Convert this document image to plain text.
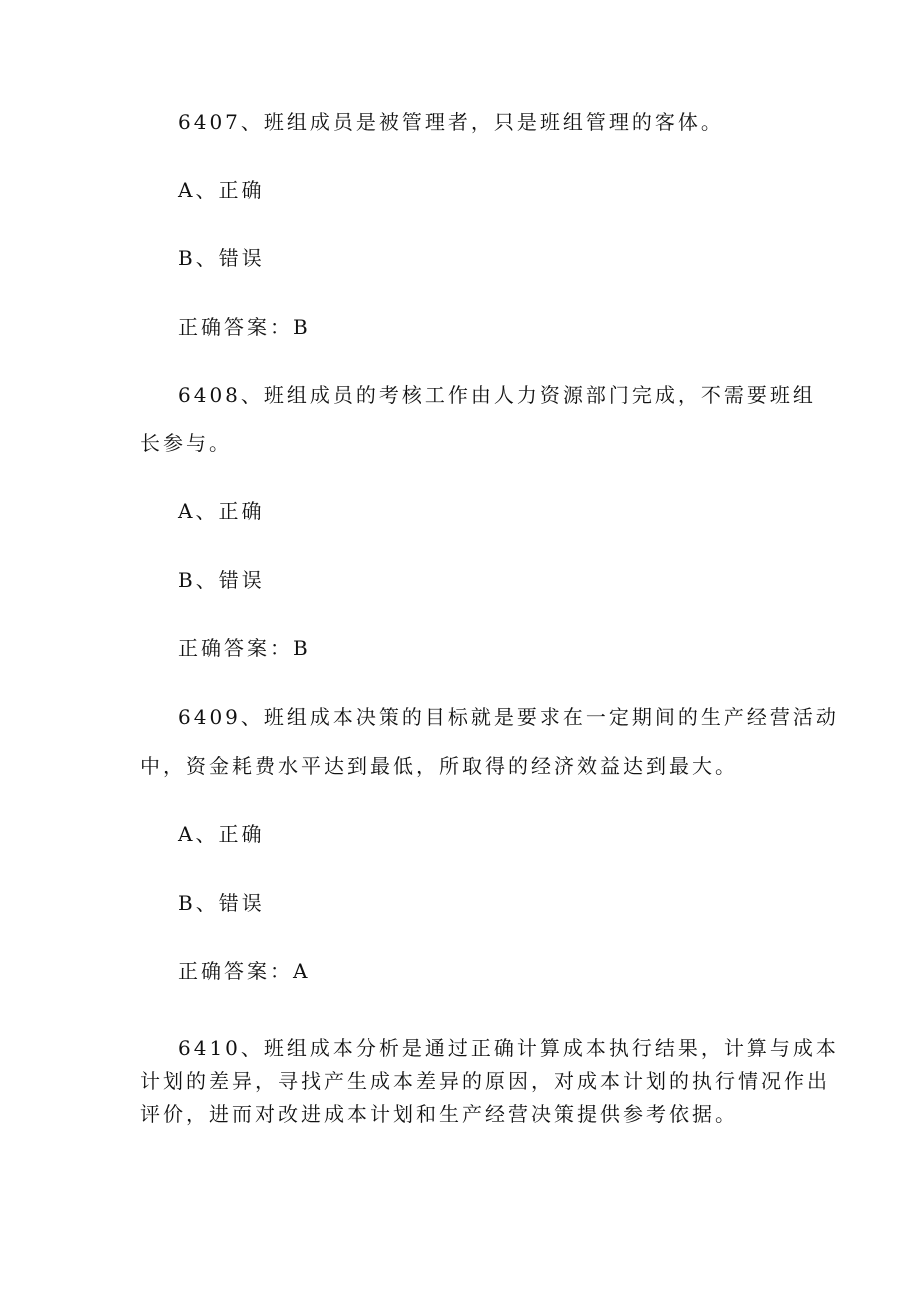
6407、班组成员是被管理者，只是班组管理的客体。
A、正确
B、错误
正确答案：B
6408、班组成员的考核工作由人力资源部门完成，不需要班组
长参与。
A、正确
B、错误
正确答案：B
6409、班组成本决策的目标就是要求在一定期间的生产经营活动
中，资金耗费水平达到最低，所取得的经济效益达到最大。
A、正确
B、错误
正确答案：A
6410、班组成本分析是通过正确计算成本执行结果，计算与成本
计划的差异，寻找产生成本差异的原因，对成本计划的执行情况作出
评价，进而对改进成本计划和生产经营决策提供参考依据。
